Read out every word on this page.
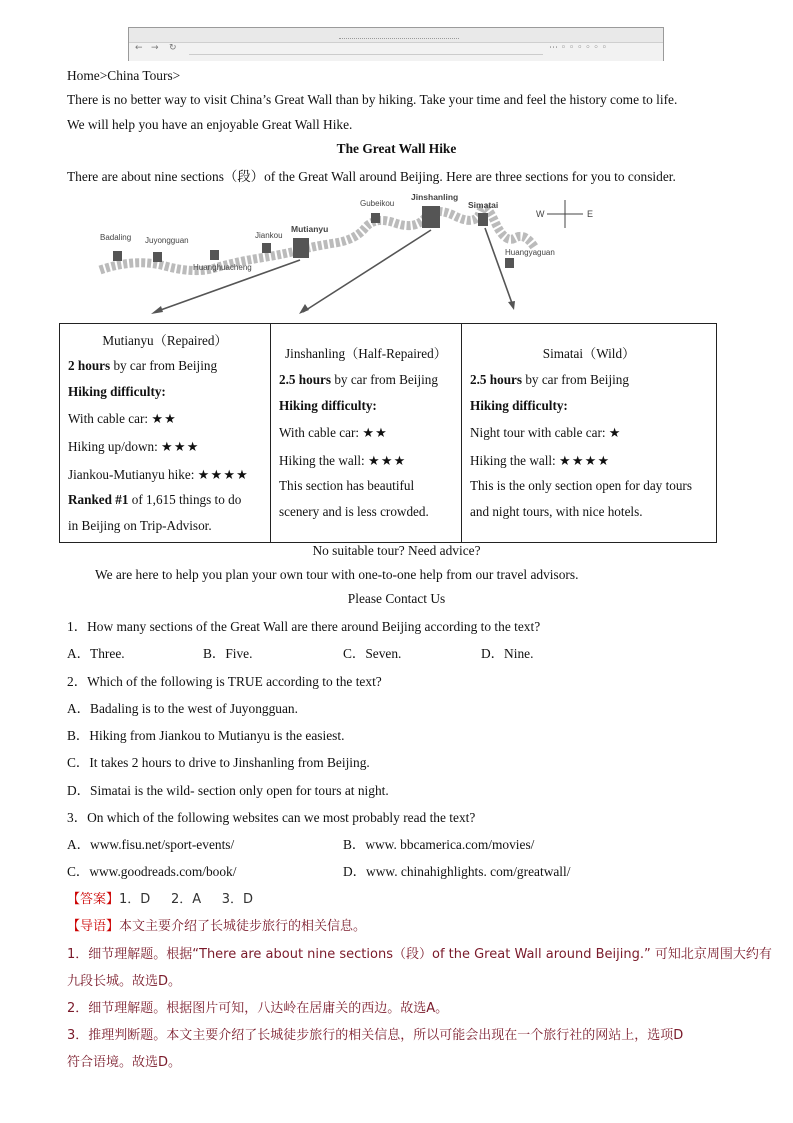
← → ↻	⋯ ◦ ◦ ◦ ◦ ◦ ◦
Home>China Tours>
There is no better way to visit China’s Great Wall than by hiking. Take your time and feel the history come to life.
We will help you have an enjoyable Great Wall Hike.
The Great Wall Hike
There are about nine sections（段）of the Great Wall around Beijing. Here are three sections for you to consider.
Badaling Juyongguan
Huanghuacheng
Jiankou
Mutianyu
Gubeikou
Jinshanling
Simatai
Huangyaguan
W	E
Mutianyu（Repaired）
2 hours by car from Beijing
Hiking difficulty:
With cable car: ★★
Hiking up/down: ★★★
Jiankou-Mutianyu hike: ★★★★
Ranked #1 of 1,615 things to do
in Beijing on Trip-Advisor.

Jinshanling（Half-Repaired）
2.5 hours by car from Beijing
Hiking difficulty:
With cable car: ★★
Hiking the wall: ★★★
This section has beautiful
scenery and is less crowded.

Simatai（Wild）
2.5 hours by car from Beijing
Hiking difficulty:
Night tour with cable car: ★
Hiking the wall: ★★★★
This is the only section open for day tours
and night tours, with nice hotels.
No suitable tour? Need advice?
We are here to help you plan your own tour with one-to-one help from our travel advisors.
Please Contact Us
1．How many sections of the Great Wall are there around Beijing according to the text?
A．Three.	B．Five.	C．Seven.	D．Nine.
2．Which of the following is TRUE according to the text?
A．Badaling is to the west of Juyongguan.
B．Hiking from Jiankou to Mutianyu is the easiest.
C．It takes 2 hours to drive to Jinshanling from Beijing.
D．Simatai is the wild- section only open for tours at night.
3．On which of the following websites can we most probably read the text?
A．www.fisu.net/sport-events/	B．www. bbcamerica.com/movies/
C．www.goodreads.com/book/	D．www. chinahighlights. com/greatwall/
【答案】1．D     2．A     3．D
【导语】本文主要介绍了长城徒步旅行的相关信息。
1．细节理解题。根据“There are about nine sections（段）of the Great Wall around Beijing.” 可知北京周围大约有
九段长城。故选D。
2．细节理解题。根据图片可知，八达岭在居庸关的西边。故选A。
3．推理判断题。本文主要介绍了长城徒步旅行的相关信息，所以可能会出现在一个旅行社的网站上，选项D
符合语境。故选D。
